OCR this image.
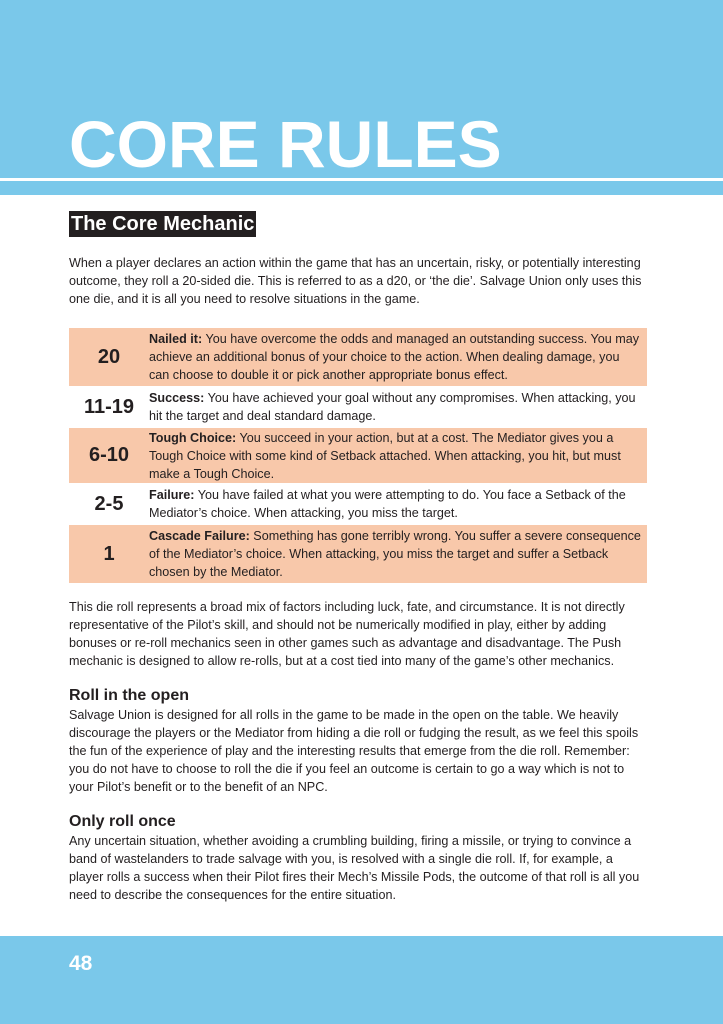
CORE RULES
The Core Mechanic

When a player declares an action within the game that has an uncertain, risky, or potentially interesting outcome, they roll a 20-sided die. This is referred to as a d20, or ‘the die’. Salvage Union only uses this one die, and it is all you need to resolve situations in the game.

20
Nailed it: You have overcome the odds and managed an outstanding success. You may achieve an additional bonus of your choice to the action. When dealing damage, you can choose to double it or pick another appropriate bonus effect.
11-19	Success: You have achieved your goal without any compromises. When attacking, you hit the target and deal standard damage.
6-10
Tough Choice: You succeed in your action, but at a cost. The Mediator gives you a Tough Choice with some kind of Setback attached. When attacking, you hit, but must make a Tough Choice.
2-5	Failure: You have failed at what you were attempting to do. You face a Setback of the Mediator’s choice. When attacking, you miss the target.
1
Cascade Failure: Something has gone terribly wrong. You suffer a severe consequence of the Mediator’s choice. When attacking, you miss the target and suffer a Setback chosen by the Mediator.

This die roll represents a broad mix of factors including luck, fate, and circumstance. It is not directly representative of the Pilot’s skill, and should not be numerically modified in play, either by adding bonuses or re-roll mechanics seen in other games such as advantage and disadvantage. The Push mechanic is designed to allow re-rolls, but at a cost tied into many of the game’s other mechanics.

Roll in the open

Salvage Union is designed for all rolls in the game to be made in the open on the table. We heavily discourage the players or the Mediator from hiding a die roll or fudging the result, as we feel this spoils the fun of the experience of play and the interesting results that emerge from the die roll. Remember: you do not have to choose to roll the die if you feel an outcome is certain to go a way which is not to your Pilot’s benefit or to the benefit of an NPC.

Only roll once

Any uncertain situation, whether avoiding a crumbling building, firing a missile, or trying to convince a band of wastelanders to trade salvage with you, is resolved with a single die roll. If, for example, a player rolls a success when their Pilot fires their Mech’s Missile Pods, the outcome of that roll is all you need to describe the consequences for the entire situation.

48
